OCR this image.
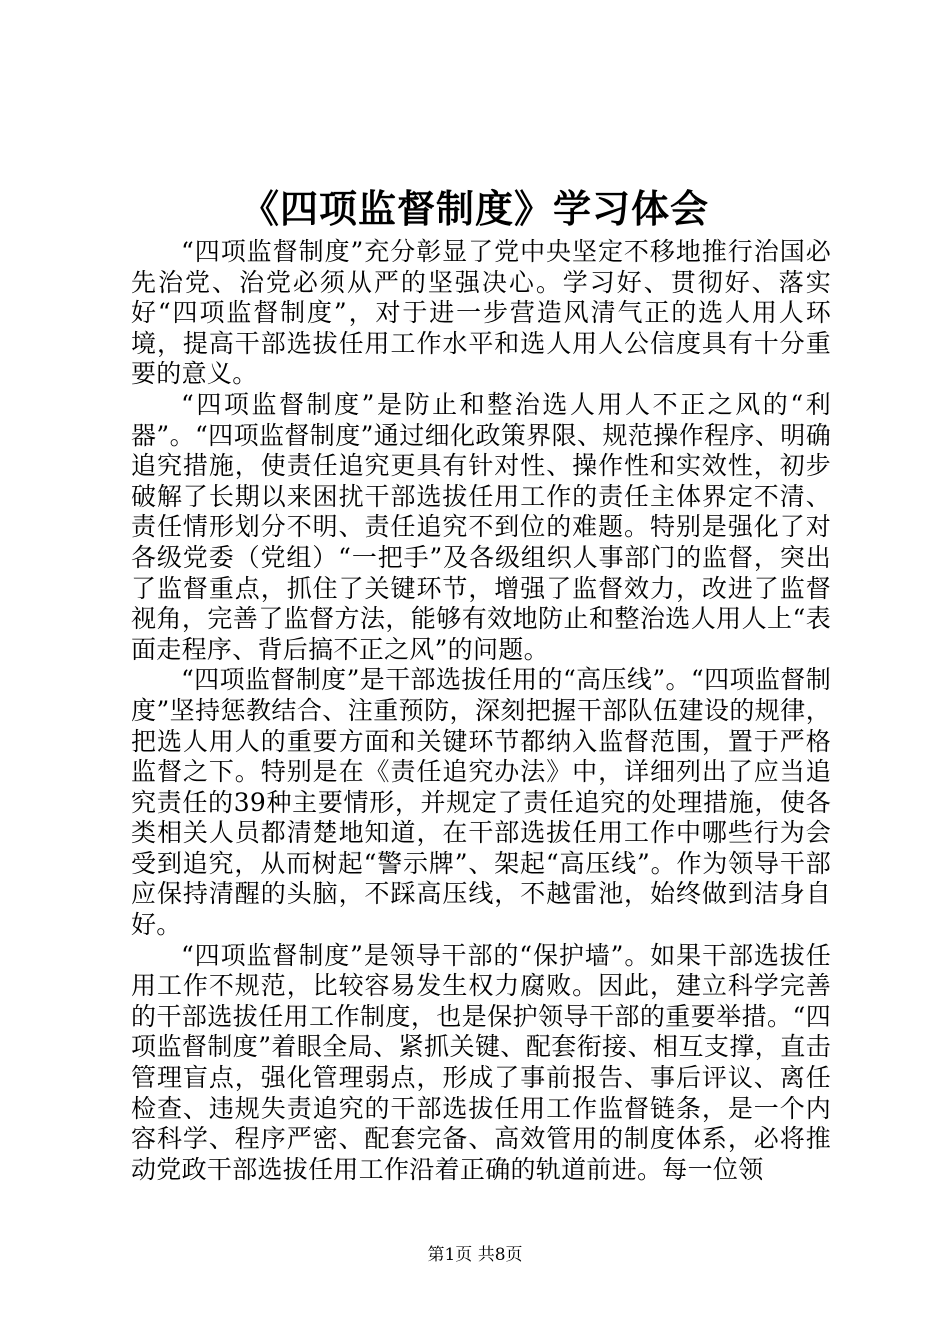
《四项监督制度》学习体会

“四项监督制度”充分彰显了党中央坚定不移地推行治国必先治党、治党必须从严的坚强决心。学习好、贯彻好、落实好“四项监督制度”，对于进一步营造风清气正的选人用人环境，提高干部选拔任用工作水平和选人用人公信度具有十分重要的意义。

“四项监督制度”是防止和整治选人用人不正之风的“利器”。“四项监督制度”通过细化政策界限、规范操作程序、明确追究措施，使责任追究更具有针对性、操作性和实效性，初步破解了长期以来困扰干部选拔任用工作的责任主体界定不清、责任情形划分不明、责任追究不到位的难题。特别是强化了对各级党委（党组）“一把手”及各级组织人事部门的监督，突出了监督重点，抓住了关键环节，增强了监督效力，改进了监督视角，完善了监督方法，能够有效地防止和整治选人用人上“表面走程序、背后搞不正之风”的问题。

“四项监督制度”是干部选拔任用的“高压线”。“四项监督制度”坚持惩教结合、注重预防，深刻把握干部队伍建设的规律，把选人用人的重要方面和关键环节都纳入监督范围，置于严格监督之下。特别是在《责任追究办法》中，详细列出了应当追究责任的39种主要情形，并规定了责任追究的处理措施，使各类相关人员都清楚地知道，在干部选拔任用工作中哪些行为会受到追究，从而树起“警示牌”、架起“高压线”。作为领导干部应保持清醒的头脑，不踩高压线，不越雷池，始终做到洁身自好。

“四项监督制度”是领导干部的“保护墙”。如果干部选拔任用工作不规范，比较容易发生权力腐败。因此，建立科学完善的干部选拔任用工作制度，也是保护领导干部的重要举措。“四项监督制度”着眼全局、紧抓关键、配套衔接、相互支撑，直击管理盲点，强化管理弱点，形成了事前报告、事后评议、离任检查、违规失责追究的干部选拔任用工作监督链条，是一个内容科学、程序严密、配套完备、高效管用的制度体系，必将推动党政干部选拔任用工作沿着正确的轨道前进。每一位领

第1页 共8页
